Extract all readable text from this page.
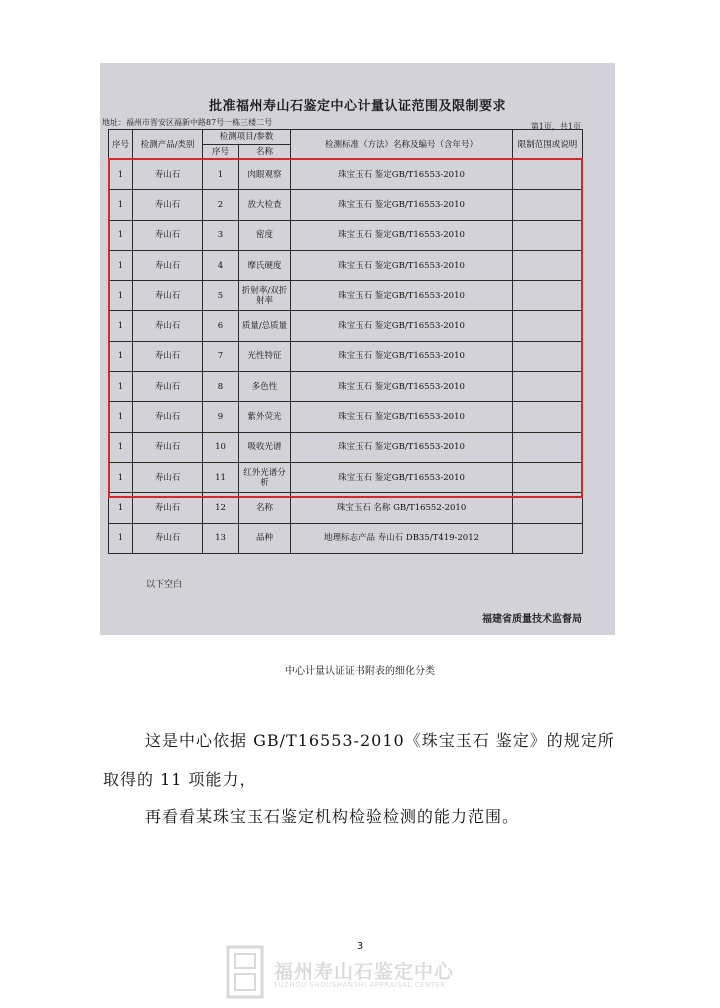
批准福州寿山石鉴定中心计量认证范围及限制要求
地址：福州市晋安区福新中路87号一栋三楼二号	第1页，共1页
序号	检测产品/类别	检测项目/参数		检测标准（方法）名称及编号（含年号）	限制范围或说明
		序号	名称		
1	寿山石	1	肉眼观察	珠宝玉石 鉴定GB/T16553-2010	
1	寿山石	2	放大检查	珠宝玉石 鉴定GB/T16553-2010	
1	寿山石	3	密度	珠宝玉石 鉴定GB/T16553-2010	
1	寿山石	4	摩氏硬度	珠宝玉石 鉴定GB/T16553-2010	
1	寿山石	5	折射率/双折射率	珠宝玉石 鉴定GB/T16553-2010	
1	寿山石	6	质量/总质量	珠宝玉石 鉴定GB/T16553-2010	
1	寿山石	7	光性特征	珠宝玉石 鉴定GB/T16553-2010	
1	寿山石	8	多色性	珠宝玉石 鉴定GB/T16553-2010	
1	寿山石	9	紫外荧光	珠宝玉石 鉴定GB/T16553-2010	
1	寿山石	10	吸收光谱	珠宝玉石 鉴定GB/T16553-2010	
1	寿山石	11	红外光谱分析	珠宝玉石 鉴定GB/T16553-2010	
1	寿山石	12	名称	珠宝玉石 名称 GB/T16552-2010	
1	寿山石	13	品种	地理标志产品 寿山石 DB35/T419-2012	
以下空白
福建省质量技术监督局
中心计量认证证书附表的细化分类
这是中心依据 GB/T16553-2010《珠宝玉石 鉴定》的规定所
取得的 11 项能力，
再看看某珠宝玉石鉴定机构检验检测的能力范围。
3
福州寿山石鉴定中心
FUZHOU SHOUSHANSHI APPRAISAL CENTER
